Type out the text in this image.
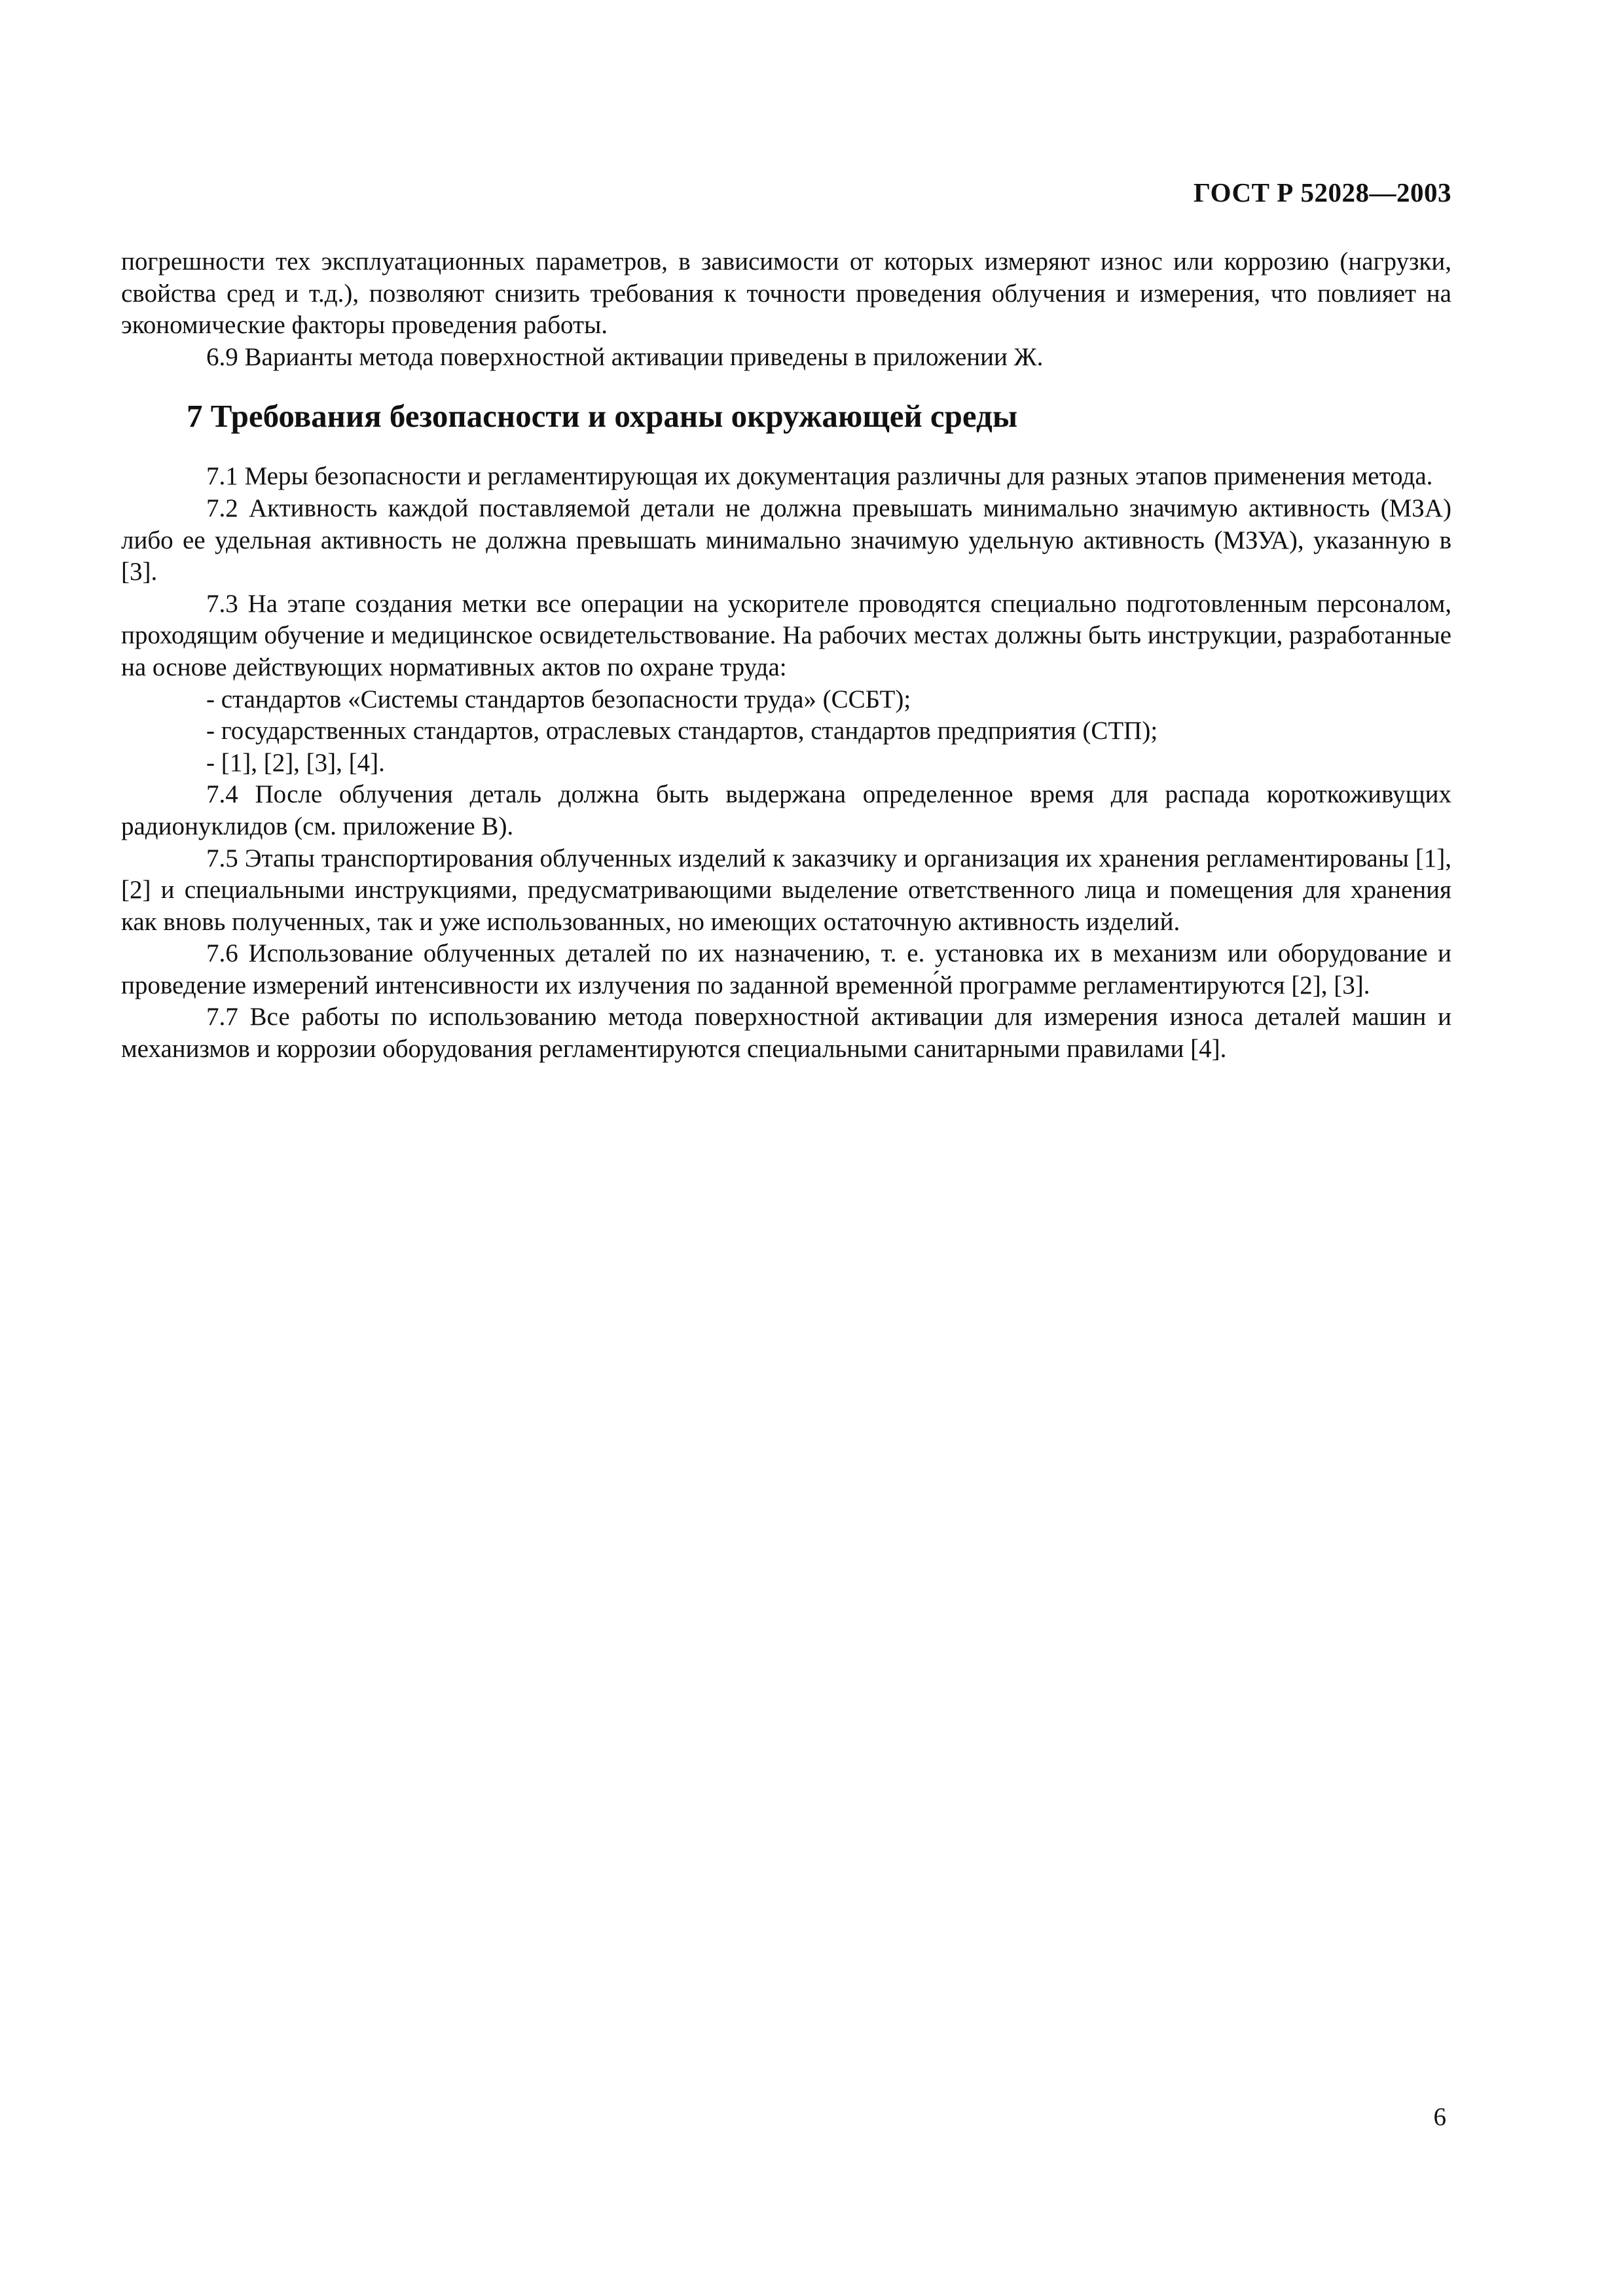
ГОСТ Р 52028—2003

погрешности тех эксплуатационных параметров, в зависимости от которых измеряют износ или коррозию (нагрузки, свойства сред и т.д.), позволяют снизить требования к точности проведения облучения и измерения, что повлияет на экономические факторы проведения работы.

6.9 Варианты метода поверхностной активации приведены в приложении Ж.

7 Требования безопасности и охраны окружающей среды

7.1 Меры безопасности и регламентирующая их документация различны для разных этапов применения метода.

7.2 Активность каждой поставляемой детали не должна превышать минимально значимую активность (МЗА) либо ее удельная активность не должна превышать минимально значимую удельную активность (МЗУА), указанную в [3].

7.3 На этапе создания метки все операции на ускорителе проводятся специально подготовленным персоналом, проходящим обучение и медицинское освидетельствование. На рабочих местах должны быть инструкции, разработанные на основе действующих нормативных актов по охране труда:

- стандартов «Системы стандартов безопасности труда» (ССБТ);

- государственных стандартов, отраслевых стандартов, стандартов предприятия (СТП);

- [1], [2], [3], [4].

7.4 После облучения деталь должна быть выдержана определенное время для распада короткоживущих радионуклидов (см. приложение В).

7.5 Этапы транспортирования облученных изделий к заказчику и организация их хранения регламентированы [1], [2] и специальными инструкциями, предусматривающими выделение ответственного лица и помещения для хранения как вновь полученных, так и уже использованных, но имеющих остаточную активность изделий.

7.6 Использование облученных деталей по их назначению, т. е. установка их в механизм или оборудование и проведение измерений интенсивности их излучения по заданной временно́й программе регламентируются [2], [3].

7.7 Все работы по использованию метода поверхностной активации для измерения износа деталей машин и механизмов и коррозии оборудования регламентируются специальными санитарными правилами [4].

6
